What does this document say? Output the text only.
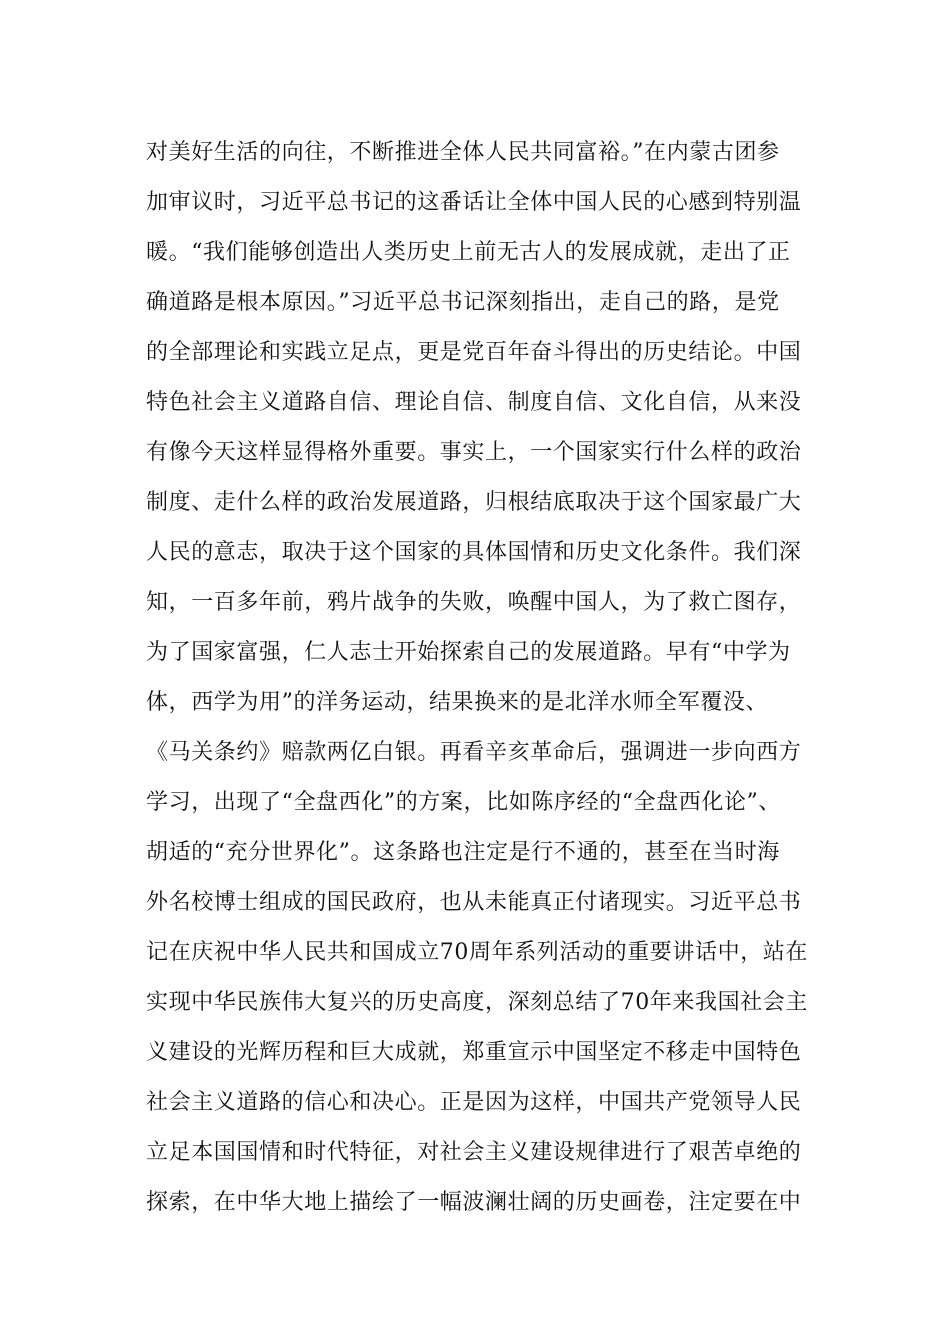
对美好生活的向往，不断推进全体人民共同富裕。”在内蒙古团参
加审议时，习近平总书记的这番话让全体中国人民的心感到特别温
暖。“我们能够创造出人类历史上前无古人的发展成就，走出了正
确道路是根本原因。”习近平总书记深刻指出，走自己的路，是党
的全部理论和实践立足点，更是党百年奋斗得出的历史结论。中国
特色社会主义道路自信、理论自信、制度自信、文化自信，从来没
有像今天这样显得格外重要。事实上，一个国家实行什么样的政治
制度、走什么样的政治发展道路，归根结底取决于这个国家最广大
人民的意志，取决于这个国家的具体国情和历史文化条件。我们深
知，一百多年前，鸦片战争的失败，唤醒中国人，为了救亡图存，
为了国家富强，仁人志士开始探索自己的发展道路。早有“中学为
体，西学为用”的洋务运动，结果换来的是北洋水师全军覆没、
《马关条约》赔款两亿白银。再看辛亥革命后，强调进一步向西方
学习，出现了“全盘西化”的方案，比如陈序经的“全盘西化论”、
胡适的“充分世界化”。这条路也注定是行不通的，甚至在当时海
外名校博士组成的国民政府，也从未能真正付诸现实。习近平总书
记在庆祝中华人民共和国成立70周年系列活动的重要讲话中，站在
实现中华民族伟大复兴的历史高度，深刻总结了70年来我国社会主
义建设的光辉历程和巨大成就，郑重宣示中国坚定不移走中国特色
社会主义道路的信心和决心。正是因为这样，中国共产党领导人民
立足本国国情和时代特征，对社会主义建设规律进行了艰苦卓绝的
探索，在中华大地上描绘了一幅波澜壮阔的历史画卷，注定要在中
